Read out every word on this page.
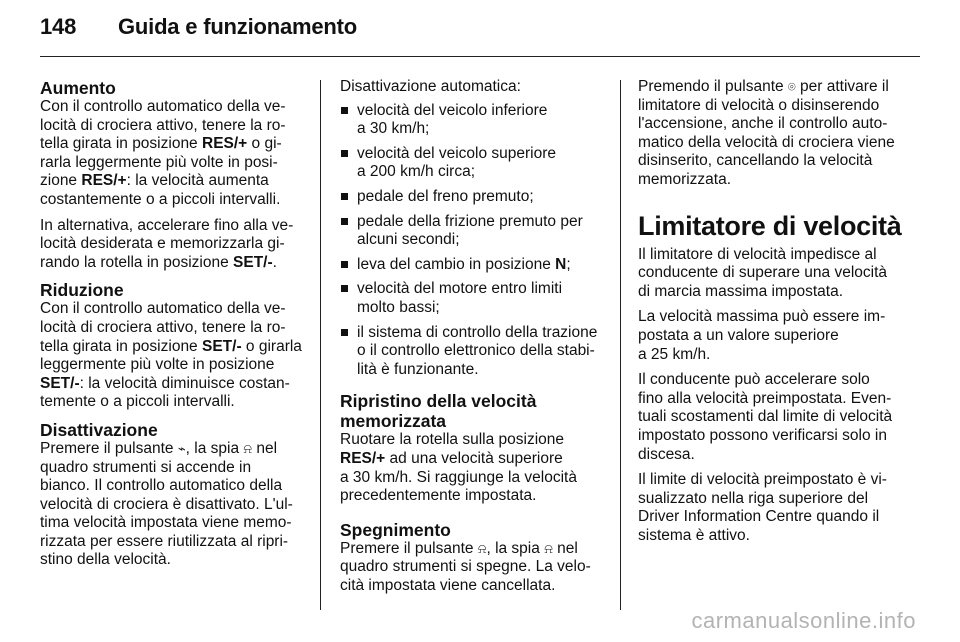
148 Guida e funzionamento
Aumento

Con il controllo automatico della ve-
locità di crociera attivo, tenere la ro-
tella girata in posizione RES/+ o gi-
rarla leggermente più volte in posi-
zione RES/+: la velocità aumenta
costantemente o a piccoli intervalli.

In alternativa, accelerare fino alla ve-
locità desiderata e memorizzarla gi-
rando la rotella in posizione SET/-.

Riduzione

Con il controllo automatico della ve-
locità di crociera attivo, tenere la ro-
tella girata in posizione SET/- o girarla
leggermente più volte in posizione
SET/-: la velocità diminuisce costan-
temente o a piccoli intervalli.

Disattivazione

Premere il pulsante ⌁, la spia ⍾ nel
quadro strumenti si accende in
bianco. Il controllo automatico della
velocità di crociera è disattivato. L'ul-
tima velocità impostata viene memo-
rizzata per essere riutilizzata al ripri-
stino della velocità.

Disattivazione automatica:

velocità del veicolo inferiore
a 30 km/h;
velocità del veicolo superiore
a 200 km/h circa;
pedale del freno premuto;
pedale della frizione premuto per
alcuni secondi;
leva del cambio in posizione N;
velocità del motore entro limiti
molto bassi;
il sistema di controllo della trazione
o il controllo elettronico della stabi-
lità è funzionante.
Ripristino della velocità
memorizzata

Ruotare la rotella sulla posizione
RES/+ ad una velocità superiore
a 30 km/h. Si raggiunge la velocità
precedentemente impostata.

Spegnimento

Premere il pulsante ⍾, la spia ⍾ nel
quadro strumenti si spegne. La velo-
cità impostata viene cancellata.

Premendo il pulsante ⌾ per attivare il
limitatore di velocità o disinserendo
l'accensione, anche il controllo auto-
matico della velocità di crociera viene
disinserito, cancellando la velocità
memorizzata.

Limitatore di velocità

Il limitatore di velocità impedisce al
conducente di superare una velocità
di marcia massima impostata.

La velocità massima può essere im-
postata a un valore superiore
a 25 km/h.

Il conducente può accelerare solo
fino alla velocità preimpostata. Even-
tuali scostamenti dal limite di velocità
impostato possono verificarsi solo in
discesa.

Il limite di velocità preimpostato è vi-
sualizzato nella riga superiore del
Driver Information Centre quando il
sistema è attivo.

carmanualsonline.info
